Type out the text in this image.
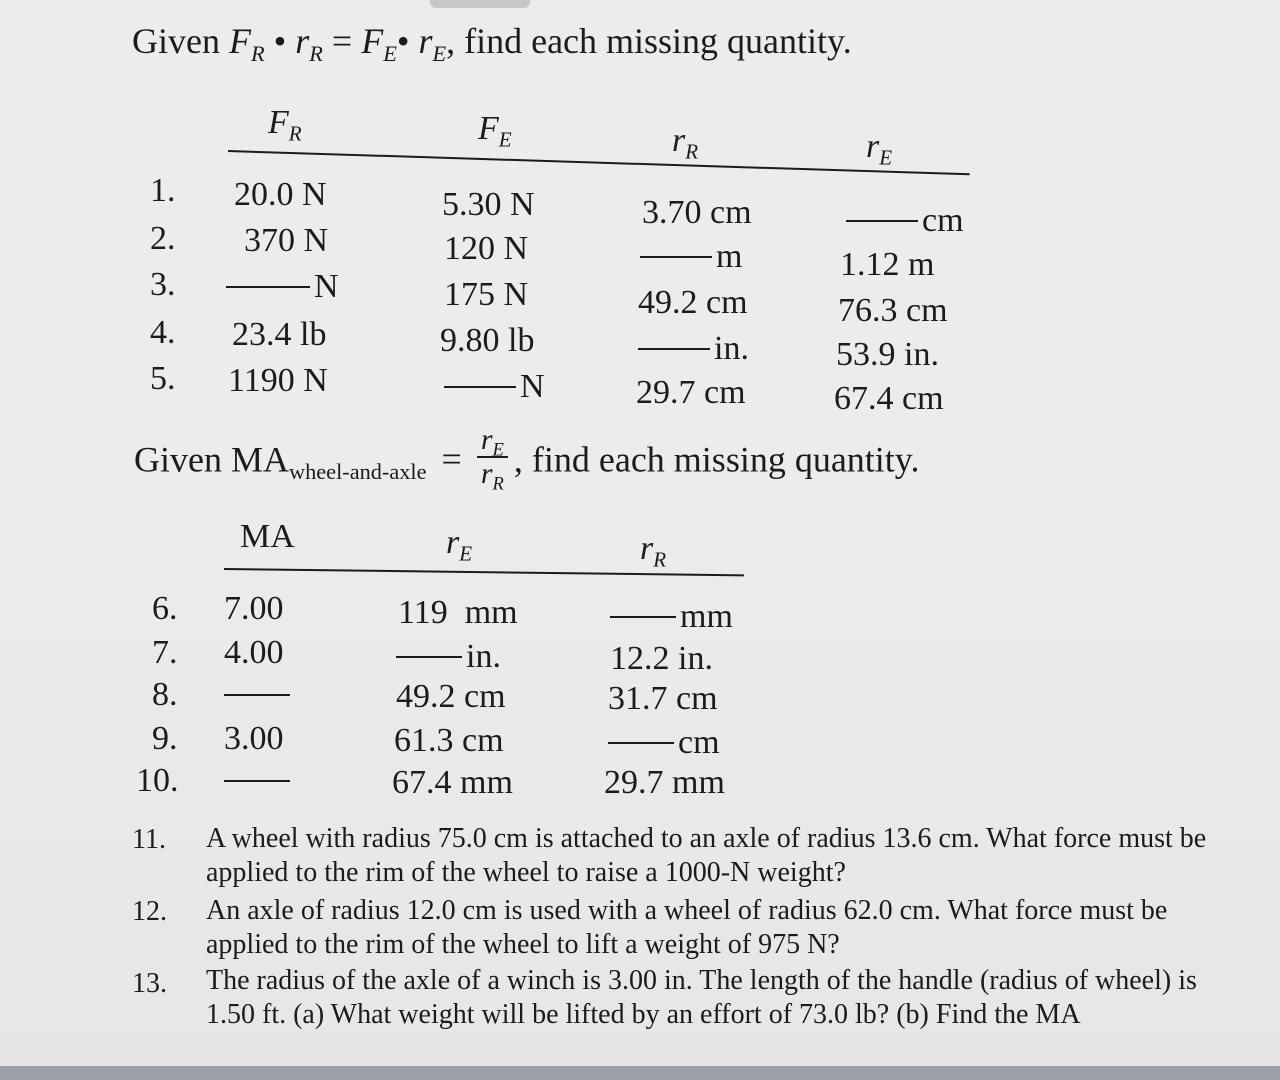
Given $F_R$ • $r_R$ = $F_E•$ $r_E$, find each missing quantity.
$F_R$	$F_E$	$r_R$	$r_E$
1. 20.0 N	5.30 N	3.70 cm	cm
2. 370 N	120 N	m	1.12 m
3.	N	175 N	49.2 cm	76.3 cm
4. 23.4 lb	9.80 lb	in.	53.9 in.
5. 1190 N	N	29.7 cm	67.4 cm
Given $MA_{wheel-and-axle} = \frac{r_E}{r_R}$ , find each missing quantity.
MA	$r_E$	$r_R$
6. 7.00	119  mm	mm
7. 4.00	in.	12.2 in.
8.	49.2 cm	31.7 cm
9. 3.00	61.3 cm	cm
10.	67.4 mm	29.7 mm
11. A wheel with radius 75.0 cm is attached to an axle of radius 13.6 cm. What force must be applied to the rim of the wheel to raise a 1000-N weight?
12. An axle of radius 12.0 cm is used with a wheel of radius 62.0 cm. What force must be applied to the rim of the wheel to lift a weight of 975 N?
13. The radius of the axle of a winch is 3.00 in. The length of the handle (radius of wheel) is 1.50 ft. (a) What weight will be lifted by an effort of 73.0 lb? (b) Find the MA
